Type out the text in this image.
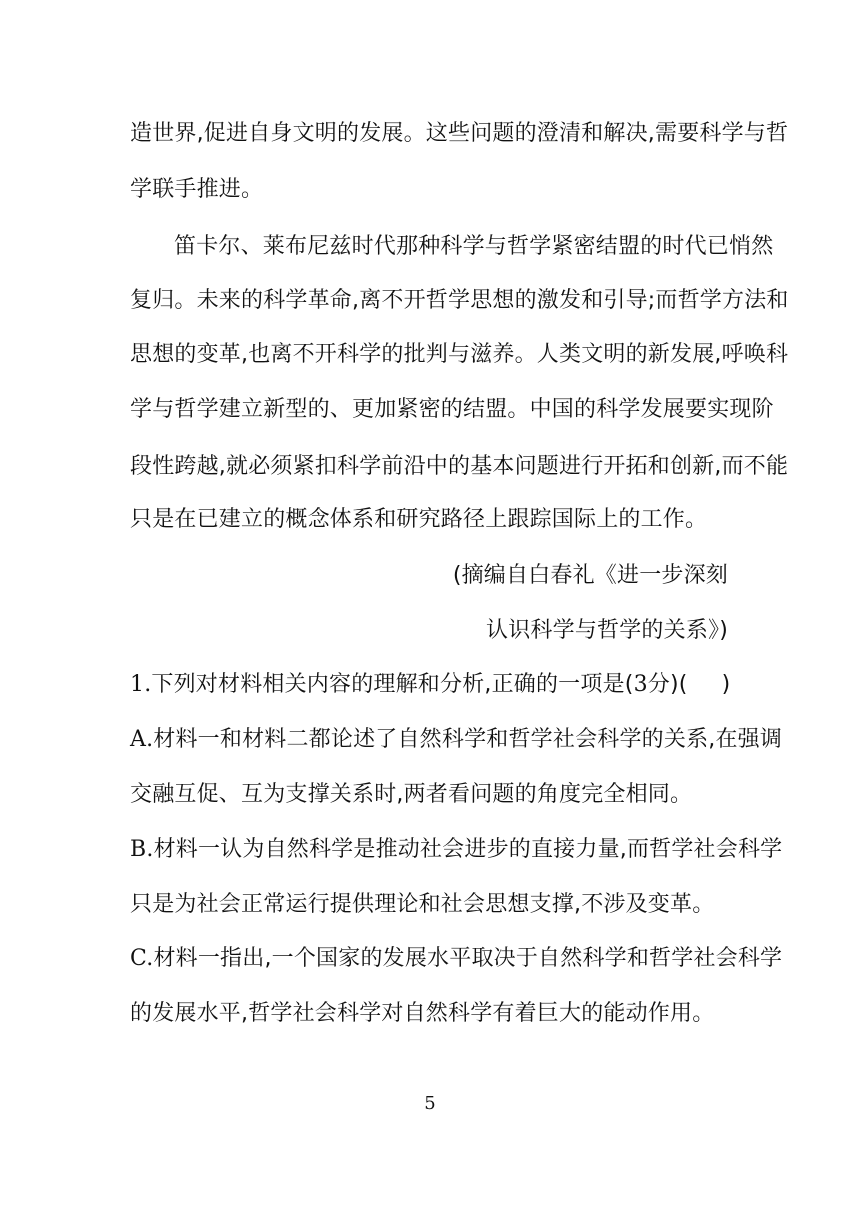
造世界,促进自身文明的发展。这些问题的澄清和解决,需要科学与哲
学联手推进。
笛卡尔、莱布尼兹时代那种科学与哲学紧密结盟的时代已悄然
复归。未来的科学革命,离不开哲学思想的激发和引导;而哲学方法和
思想的变革,也离不开科学的批判与滋养。人类文明的新发展,呼唤科
学与哲学建立新型的、更加紧密的结盟。中国的科学发展要实现阶
段性跨越,就必须紧扣科学前沿中的基本问题进行开拓和创新,而不能
只是在已建立的概念体系和研究路径上跟踪国际上的工作。
(摘编自白春礼《进一步深刻
认识科学与哲学的关系》)
1.下列对材料相关内容的理解和分析,正确的一项是(3分)( )
A.材料一和材料二都论述了自然科学和哲学社会科学的关系,在强调
交融互促、互为支撑关系时,两者看问题的角度完全相同。
B.材料一认为自然科学是推动社会进步的直接力量,而哲学社会科学
只是为社会正常运行提供理论和社会思想支撑,不涉及变革。
C.材料一指出,一个国家的发展水平取决于自然科学和哲学社会科学
的发展水平,哲学社会科学对自然科学有着巨大的能动作用。
5
